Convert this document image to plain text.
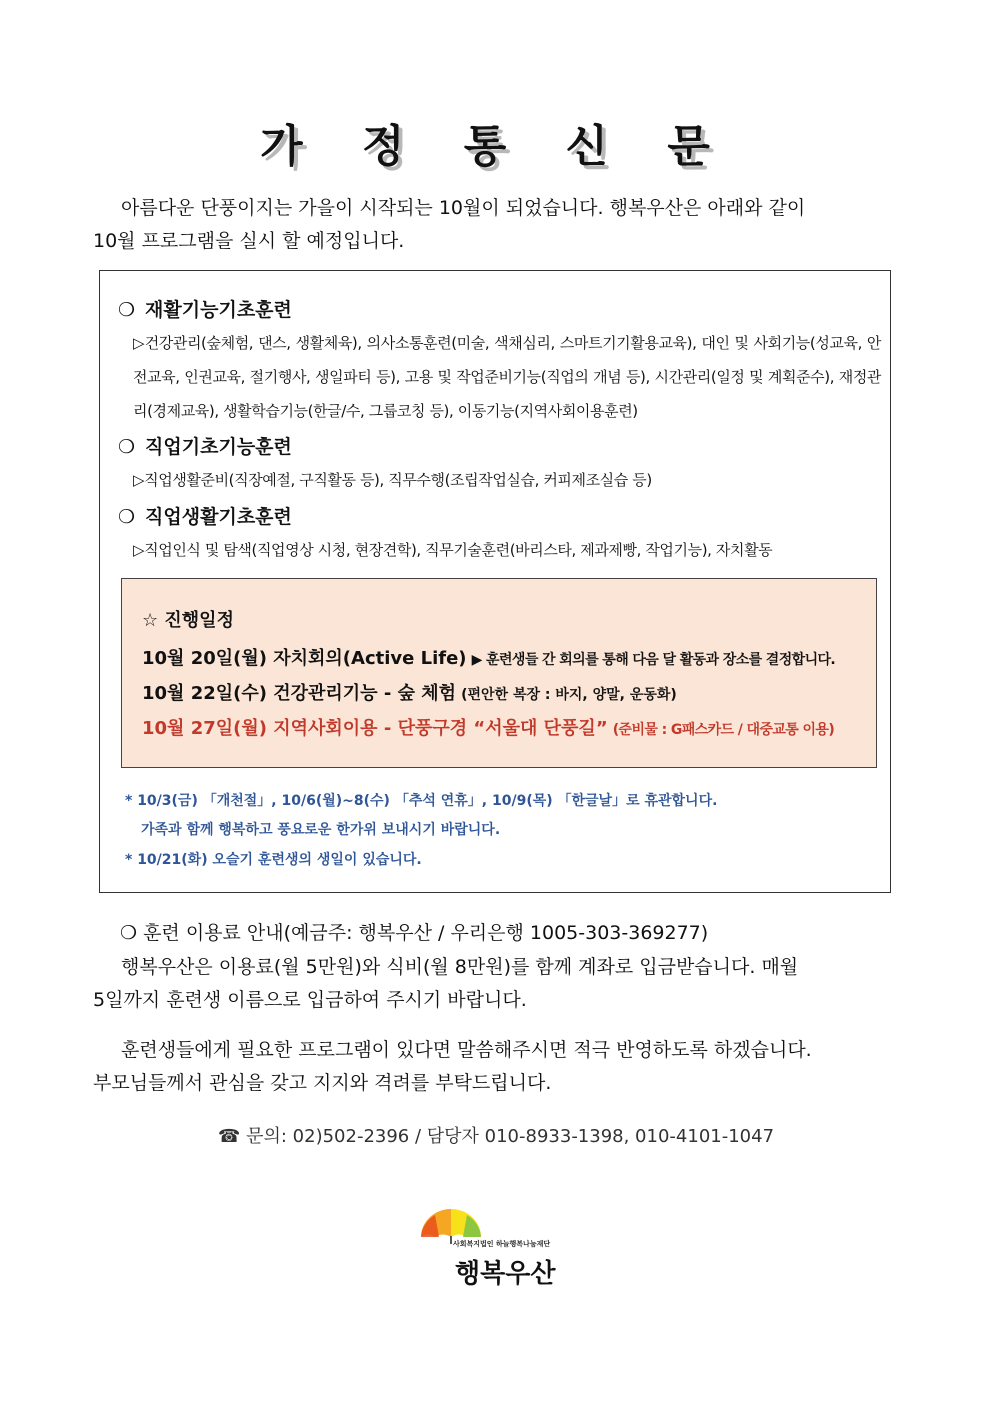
가 정 통 신 문
아름다운 단풍이지는 가을이 시작되는 10월이 되었습니다. 행복우산은 아래와 같이
10월 프로그램을 실시 할 예정입니다.
❍ 재활기능기초훈련
▷건강관리(숲체험, 댄스, 생활체육), 의사소통훈련(미술, 색채심리, 스마트기기활용교육), 대인 및 사회기능(성교육, 안전교육, 인권교육, 절기행사, 생일파티 등), 고용 및 작업준비기능(직업의 개념 등), 시간관리(일정 및 계획준수), 재정관리(경제교육), 생활학습기능(한글/수, 그룹코칭 등), 이동기능(지역사회이용훈련)
❍ 직업기초기능훈련
▷직업생활준비(직장예절, 구직활동 등), 직무수행(조립작업실습, 커피제조실습 등)
❍ 직업생활기초훈련
▷직업인식 및 탐색(직업영상 시청, 현장견학), 직무기술훈련(바리스타, 제과제빵, 작업기능), 자치활동
☆ 진행일정
10월 20일(월) 자치회의(Active Life) ▶ 훈련생들 간 회의를 통해 다음 달 활동과 장소를 결정합니다.
10월 22일(수) 건강관리기능 - 숲 체험 (편안한 복장 : 바지, 양말, 운동화)
10월 27일(월) 지역사회이용 - 단풍구경 “서울대 단풍길” (준비물 : G패스카드 / 대중교통 이용)
* 10/3(금) 「개천절」, 10/6(월)~8(수) 「추석 연휴」, 10/9(목) 「한글날」로 휴관합니다.
가족과 함께 행복하고 풍요로운 한가위 보내시기 바랍니다.
* 10/21(화) 오슬기 훈련생의 생일이 있습니다.
❍ 훈련 이용료 안내(예금주: 행복우산 / 우리은행 1005-303-369277)
행복우산은 이용료(월 5만원)와 식비(월 8만원)를 함께 계좌로 입금받습니다. 매월
5일까지 훈련생 이름으로 입금하여 주시기 바랍니다.
훈련생들에게 필요한 프로그램이 있다면 말씀해주시면 적극 반영하도록 하겠습니다.
부모님들께서 관심을 갖고 지지와 격려를 부탁드립니다.
☎ 문의: 02)502-2396 / 담당자 010-8933-1398, 010-4101-1047
사회복지법인 하늘행복나눔재단
행복우산
